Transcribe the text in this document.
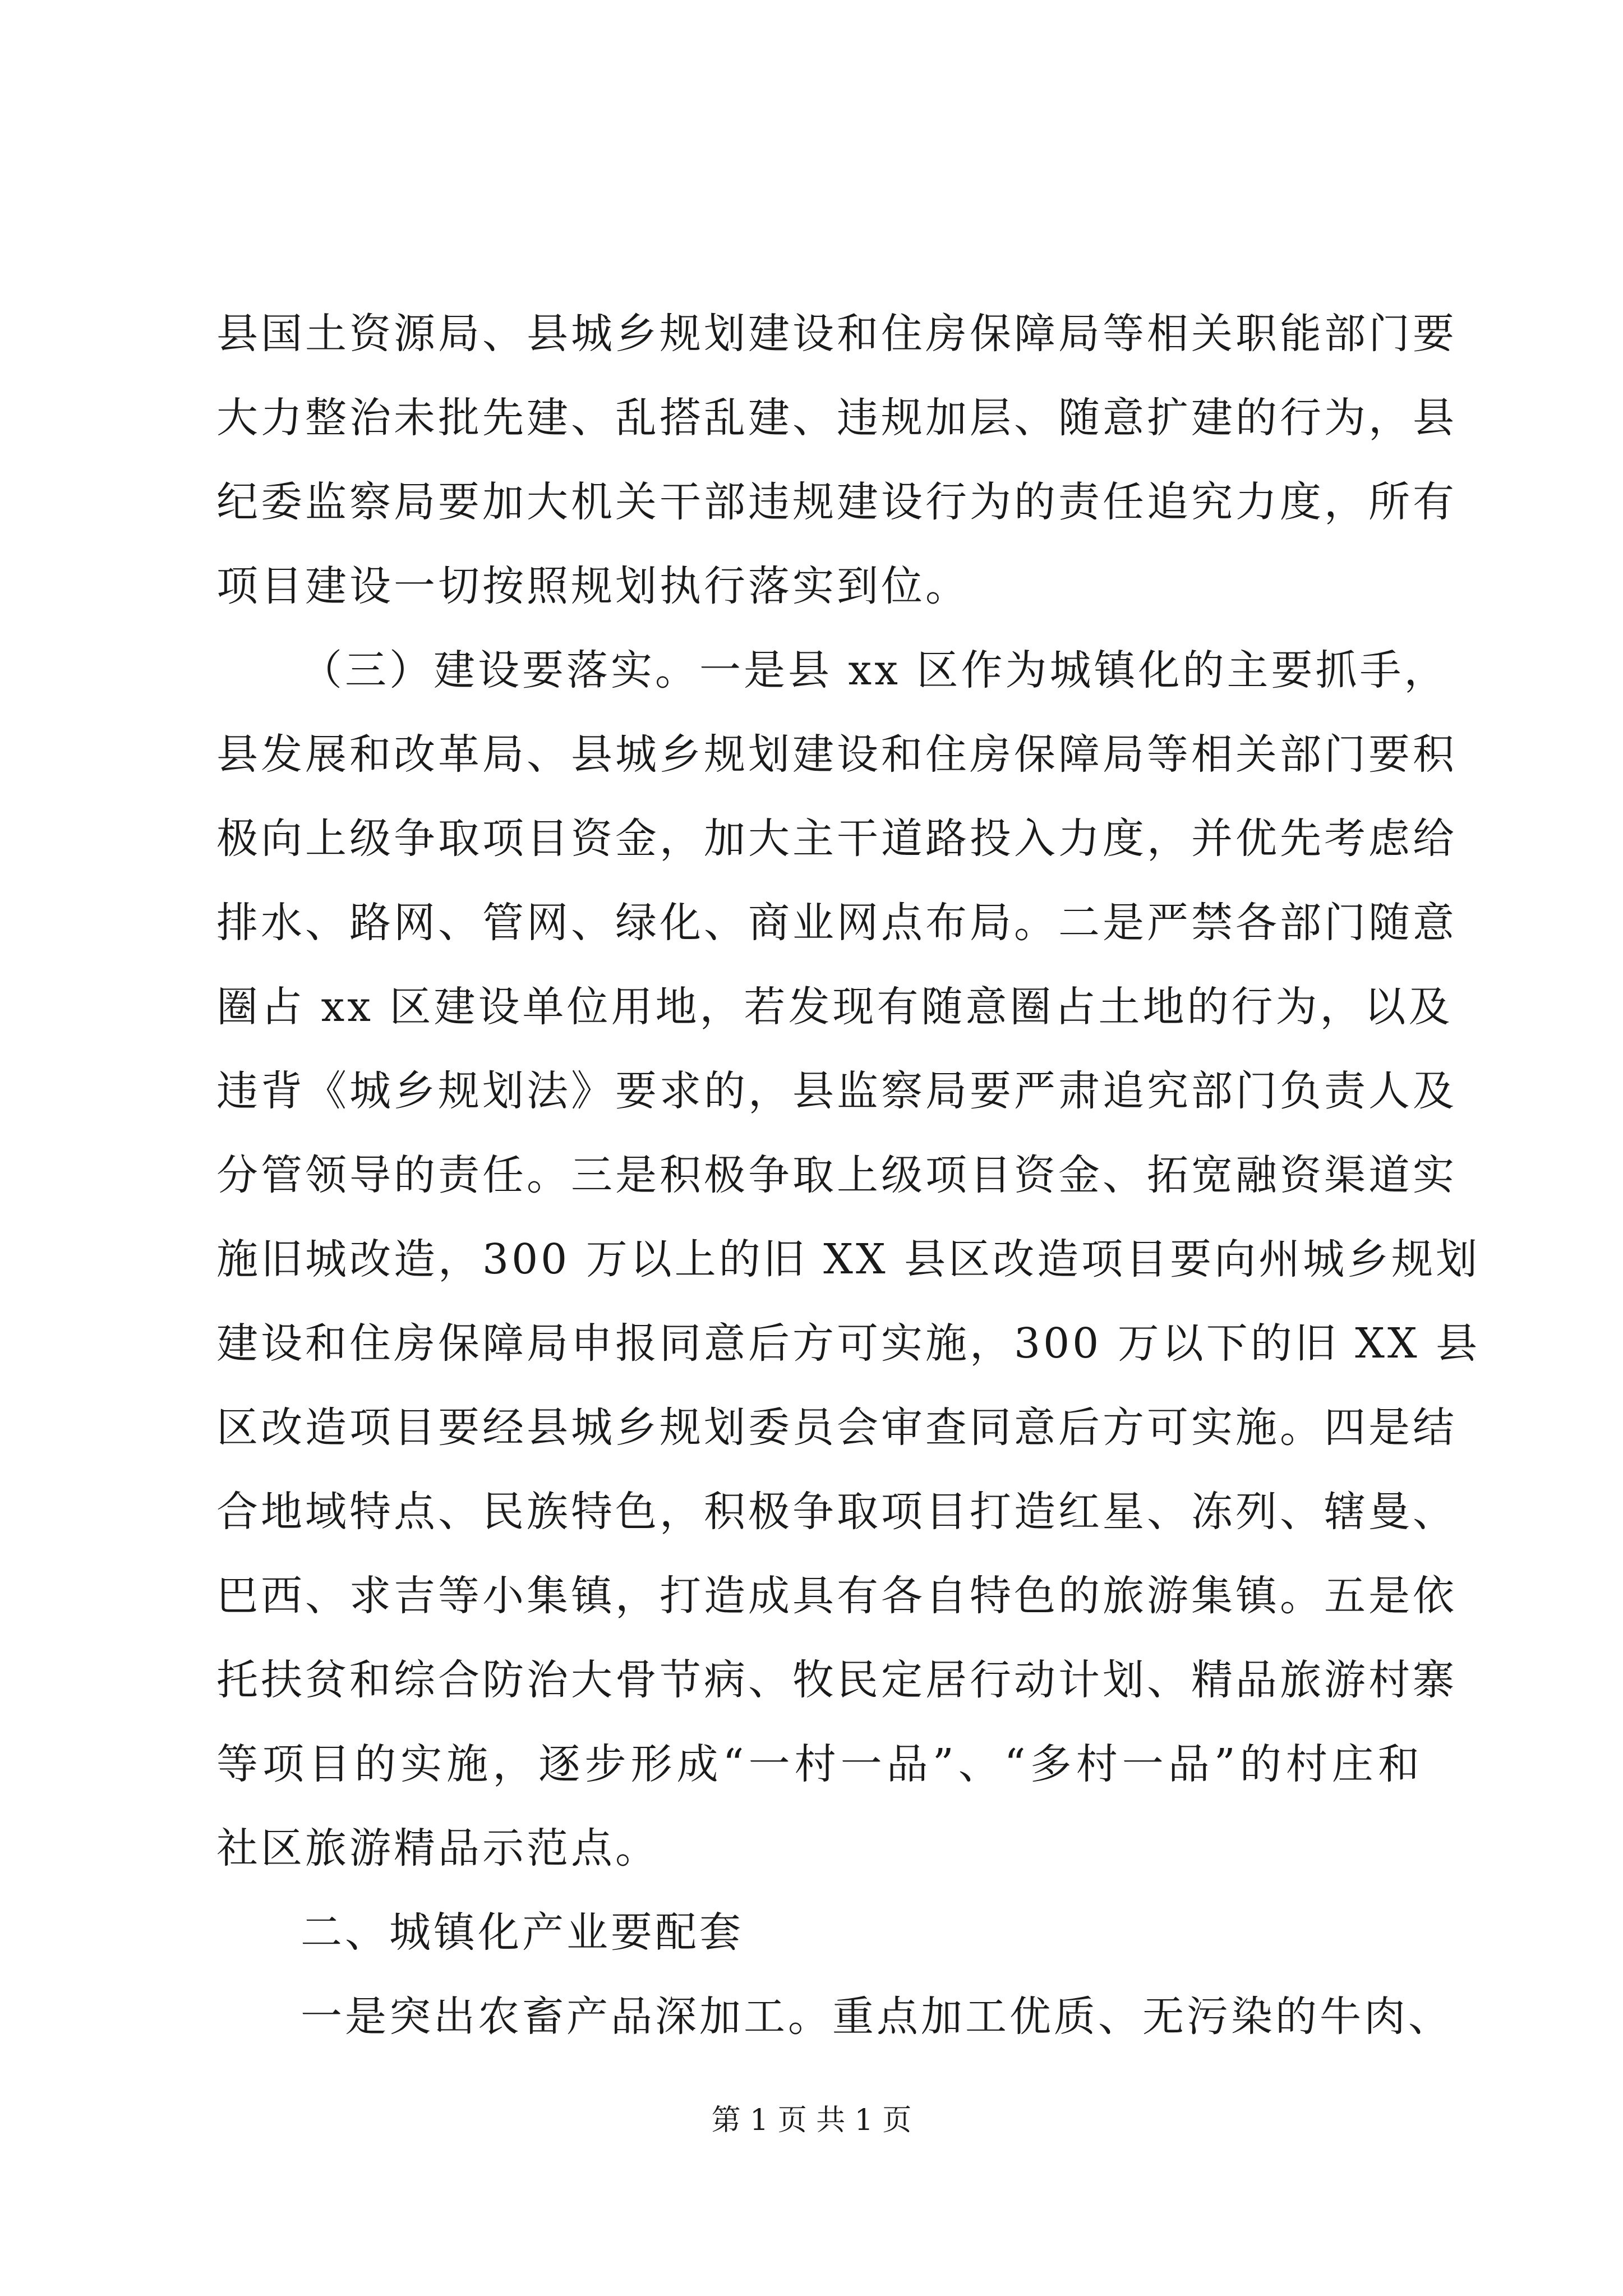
县国土资源局、县城乡规划建设和住房保障局等相关职能部门要
大力整治未批先建、乱搭乱建、违规加层、随意扩建的行为，县
纪委监察局要加大机关干部违规建设行为的责任追究力度，所有
项目建设一切按照规划执行落实到位。
（三）建设要落实。一是县 xx 区作为城镇化的主要抓手，
县发展和改革局、县城乡规划建设和住房保障局等相关部门要积
极向上级争取项目资金，加大主干道路投入力度，并优先考虑给
排水、路网、管网、绿化、商业网点布局。二是严禁各部门随意
圈占 xx 区建设单位用地，若发现有随意圈占土地的行为，以及
违背《城乡规划法》要求的，县监察局要严肃追究部门负责人及
分管领导的责任。三是积极争取上级项目资金、拓宽融资渠道实
施旧城改造，300 万以上的旧 XX 县区改造项目要向州城乡规划
建设和住房保障局申报同意后方可实施，300 万以下的旧 XX 县
区改造项目要经县城乡规划委员会审查同意后方可实施。四是结
合地域特点、民族特色，积极争取项目打造红星、冻列、辖曼、
巴西、求吉等小集镇，打造成具有各自特色的旅游集镇。五是依
托扶贫和综合防治大骨节病、牧民定居行动计划、精品旅游村寨
等项目的实施，逐步形成“一村一品”、“多村一品”的村庄和
社区旅游精品示范点。
二、城镇化产业要配套
一是突出农畜产品深加工。重点加工优质、无污染的牛肉、
第 1 页 共 1 页
